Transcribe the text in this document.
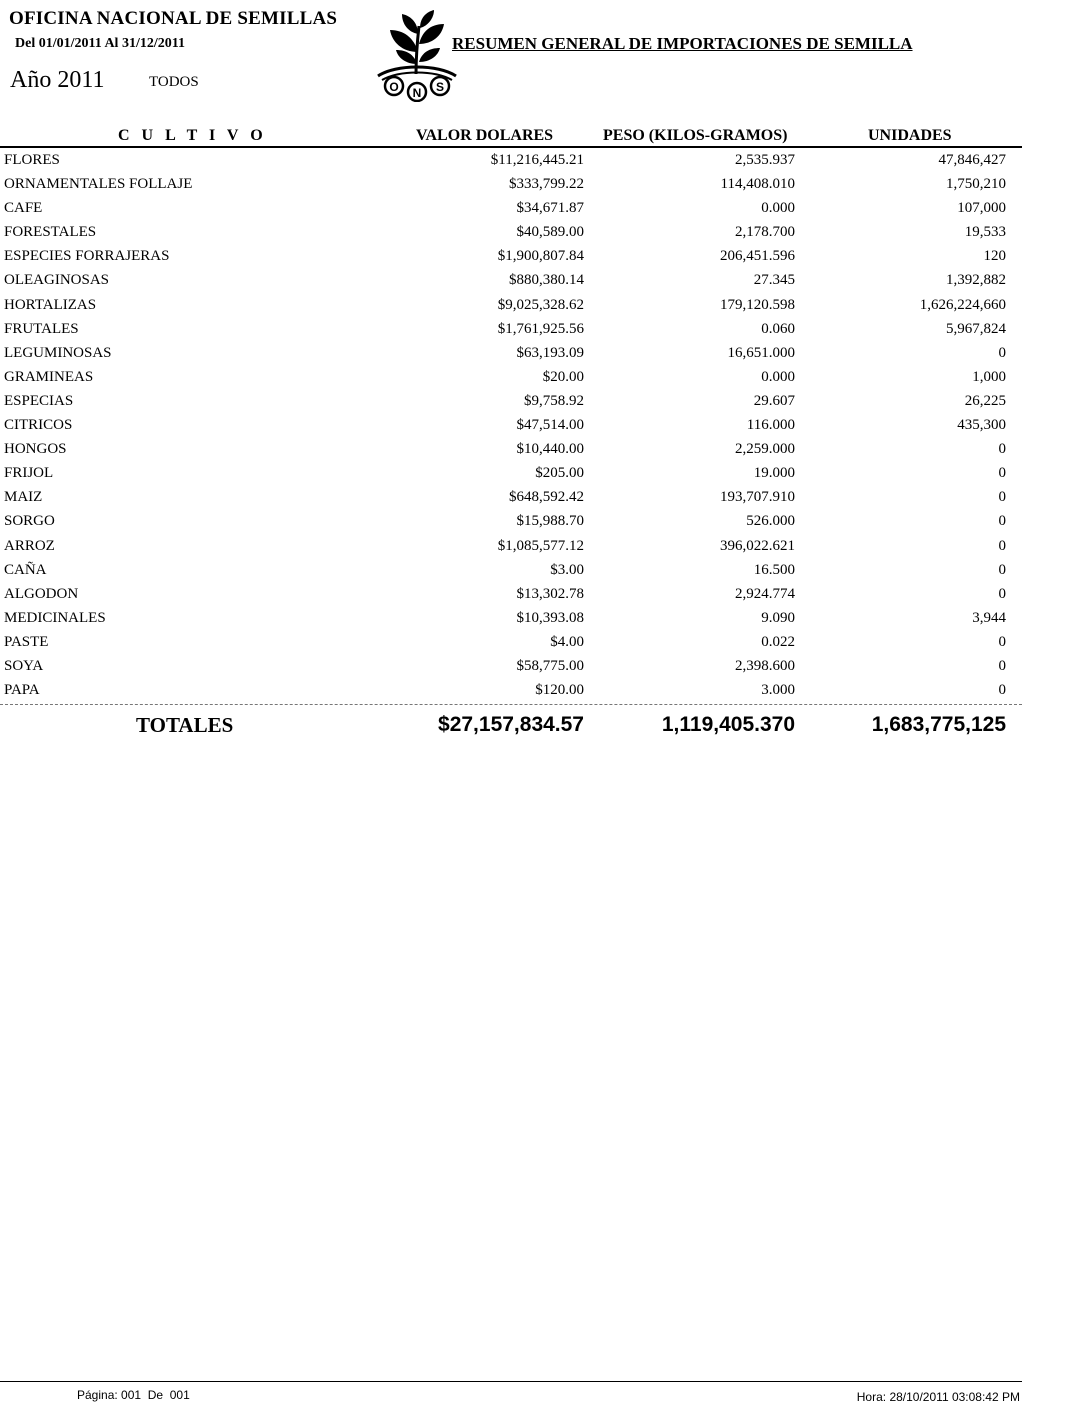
OFICINA NACIONAL DE SEMILLAS
Del 01/01/2011 Al 31/12/2011
Año 2011	TODOS	O N S
RESUMEN GENERAL DE IMPORTACIONES DE SEMILLA
C U L T I V O	VALOR DOLARES	PESO (KILOS-GRAMOS)	UNIDADES
FLORES	$11,216,445.21	2,535.937	47,846,427
ORNAMENTALES FOLLAJE	$333,799.22	114,408.010	1,750,210
CAFE	$34,671.87	0.000	107,000
FORESTALES	$40,589.00	2,178.700	19,533
ESPECIES FORRAJERAS	$1,900,807.84	206,451.596	120
OLEAGINOSAS	$880,380.14	27.345	1,392,882
HORTALIZAS	$9,025,328.62	179,120.598	1,626,224,660
FRUTALES	$1,761,925.56	0.060	5,967,824
LEGUMINOSAS	$63,193.09	16,651.000	0
GRAMINEAS	$20.00	0.000	1,000
ESPECIAS	$9,758.92	29.607	26,225
CITRICOS	$47,514.00	116.000	435,300
HONGOS	$10,440.00	2,259.000	0
FRIJOL	$205.00	19.000	0
MAIZ	$648,592.42	193,707.910	0
SORGO	$15,988.70	526.000	0
ARROZ	$1,085,577.12	396,022.621	0
CAÑA	$3.00	16.500	0
ALGODON	$13,302.78	2,924.774	0
MEDICINALES	$10,393.08	9.090	3,944
PASTE	$4.00	0.022	0
SOYA	$58,775.00	2,398.600	0
PAPA	$120.00	3.000	0
TOTALES	$27,157,834.57	1,119,405.370	1,683,775,125
Página: 001  De  001	Hora: 28/10/2011 03:08:42 PM
